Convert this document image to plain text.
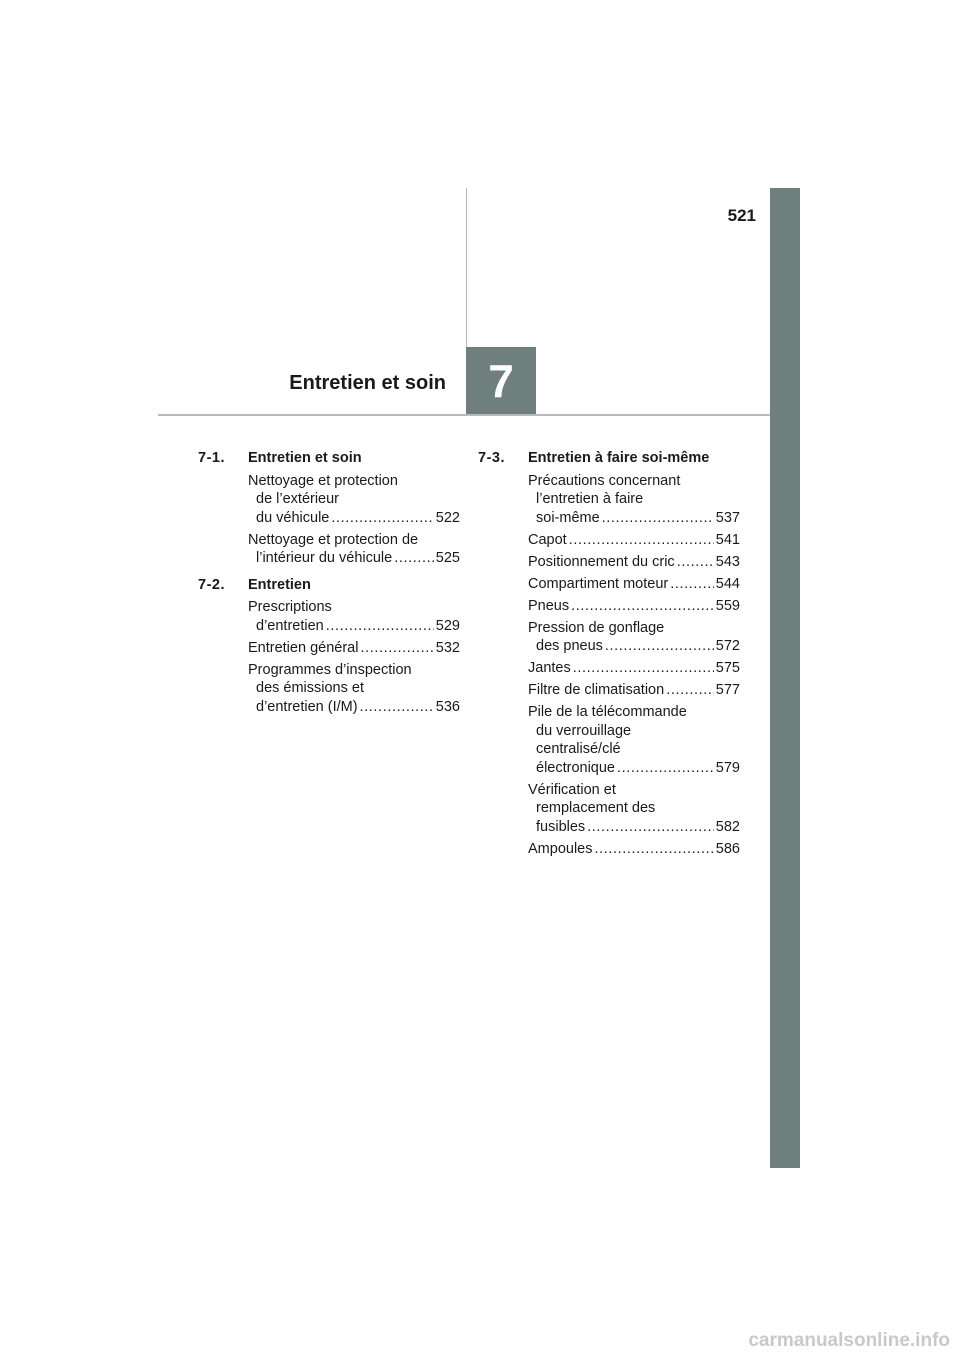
521
7
Entretien et soin
7-1.	Entretien et soin
Nettoyage et protection
de l’extérieur
du véhicule .....	522
Nettoyage et protection de
l’intérieur du véhicule .....	525
7-2.	Entretien
Prescriptions
d’entretien .....	529
Entretien général .....	532
Programmes d’inspection
des émissions et
d’entretien (I/M) .....	536
7-3.	Entretien à faire soi-même
Précautions concernant
l’entretien à faire
soi-même .....	537
Capot .....	541
Positionnement du cric .....	543
Compartiment moteur .....	544
Pneus .....	559
Pression de gonflage
des pneus .....	572
Jantes .....	575
Filtre de climatisation .....	577
Pile de la télécommande
du verrouillage
centralisé/clé
électronique .....	579
Vérification et
remplacement des
fusibles .....	582
Ampoules .....	586
carmanualsonline.info
